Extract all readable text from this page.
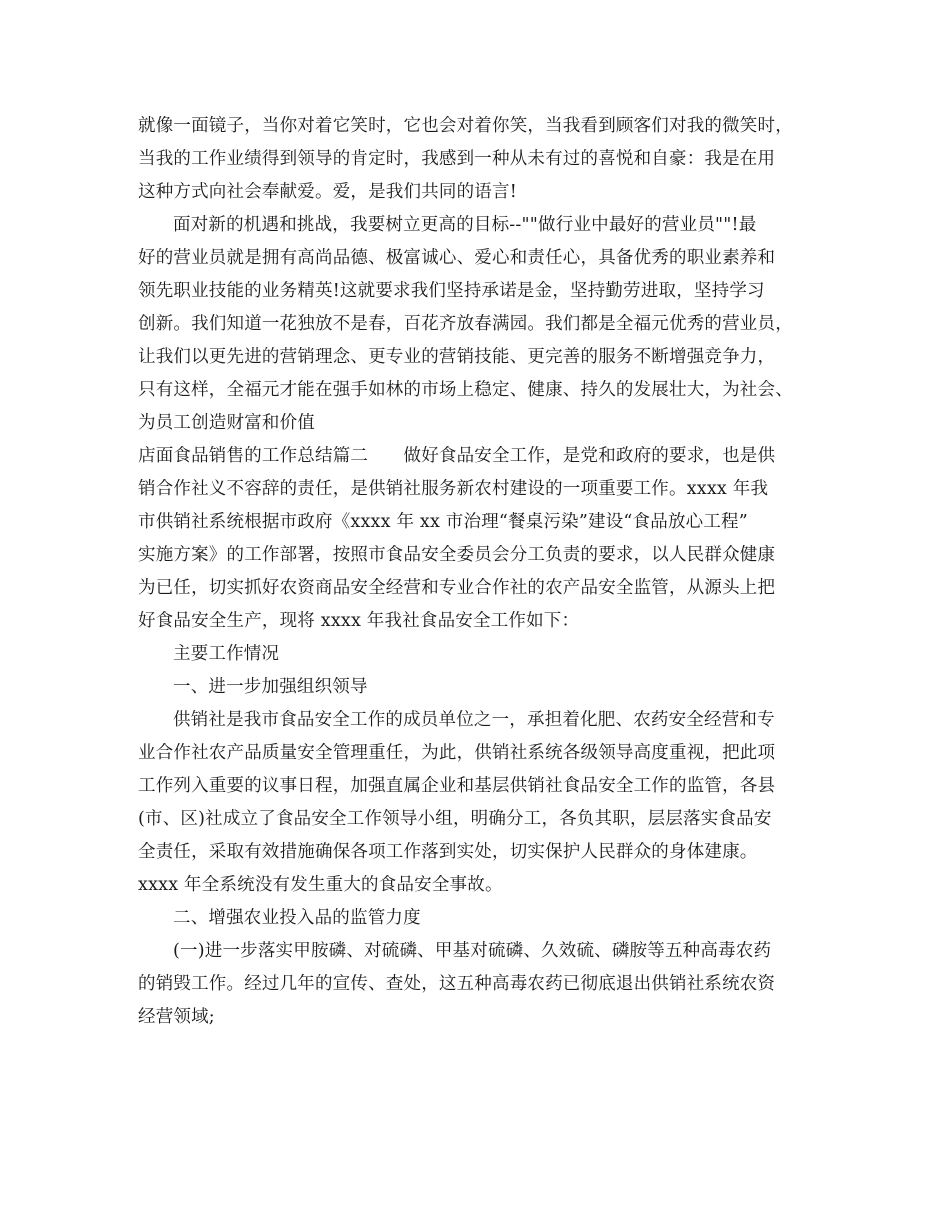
就像一面镜子，当你对着它笑时，它也会对着你笑，当我看到顾客们对我的微笑时，
当我的工作业绩得到领导的肯定时，我感到一种从未有过的喜悦和自豪：我是在用
这种方式向社会奉献爱。爱，是我们共同的语言!
面对新的机遇和挑战，我要树立更高的目标--""做行业中最好的营业员""!最
好的营业员就是拥有高尚品德、极富诚心、爱心和责任心，具备优秀的职业素养和
领先职业技能的业务精英!这就要求我们坚持承诺是金，坚持勤劳进取，坚持学习
创新。我们知道一花独放不是春，百花齐放春满园。我们都是全福元优秀的营业员，
让我们以更先进的营销理念、更专业的营销技能、更完善的服务不断增强竞争力，
只有这样，全福元才能在强手如林的市场上稳定、健康、持久的发展壮大，为社会、
为员工创造财富和价值
店面食品销售的工作总结篇二　　做好食品安全工作，是党和政府的要求，也是供
销合作社义不容辞的责任，是供销社服务新农村建设的一项重要工作。xxxx 年我
市供销社系统根据市政府《xxxx 年 xx 市治理“餐桌污染”建设“食品放心工程”
实施方案》的工作部署，按照市食品安全委员会分工负责的要求，以人民群众健康
为已任，切实抓好农资商品安全经营和专业合作社的农产品安全监管，从源头上把
好食品安全生产，现将 xxxx 年我社食品安全工作如下：
主要工作情况
一、进一步加强组织领导
供销社是我市食品安全工作的成员单位之一，承担着化肥、农药安全经营和专
业合作社农产品质量安全管理重任，为此，供销社系统各级领导高度重视，把此项
工作列入重要的议事日程，加强直属企业和基层供销社食品安全工作的监管，各县
(市、区)社成立了食品安全工作领导小组，明确分工，各负其职，层层落实食品安
全责任，采取有效措施确保各项工作落到实处，切实保护人民群众的身体建康。
xxxx 年全系统没有发生重大的食品安全事故。
二、增强农业投入品的监管力度
(一)进一步落实甲胺磷、对硫磷、甲基对硫磷、久效硫、磷胺等五种高毒农药
的销毁工作。经过几年的宣传、查处，这五种高毒农药已彻底退出供销社系统农资
经营领域;
